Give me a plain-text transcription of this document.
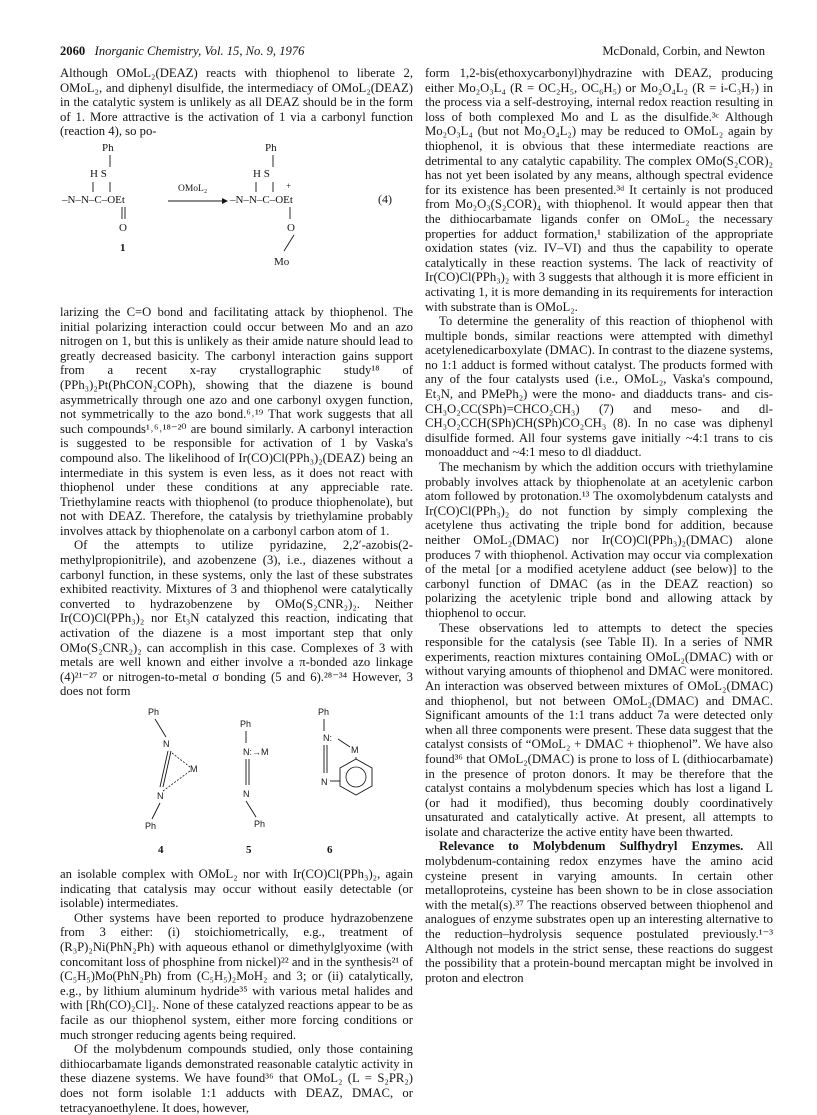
2060 Inorganic Chemistry, Vol. 15, No. 9, 1976	McDonald, Corbin, and Newton

Although OMoL₂(DEAZ) reacts with thiophenol to liberate 2, OMoL₂, and diphenyl disulfide, the intermediacy of OMoL₂(DEAZ) in the catalytic system is unlikely as all DEAZ should be in the form of 1. More attractive is the activation of 1 via a carbonyl function (reaction 4), so po-

Ph
H S
–N–N–C–OEt
O
1
OMoL₂
Ph
H S
+
–N–N–C–OEt
O
Mo
(4)

larizing the C=O bond and facilitating attack by thiophenol. The initial polarizing interaction could occur between Mo and an azo nitrogen on 1, but this is unlikely as their amide nature should lead to greatly decreased basicity. The carbonyl interaction gains support from a recent x-ray crystallographic study¹⁸ of (PPh₃)₂Pt(PhCON₂COPh), showing that the diazene is bound asymmetrically through one azo and one carbonyl oxygen function, not symmetrically to the azo bond.⁶˒¹⁹ That work suggests that all such compounds¹˒⁶˒¹⁸⁻²⁰ are bound similarly. A carbonyl interaction is suggested to be responsible for activation of 1 by Vaska's compound also. The likelihood of Ir(CO)Cl(PPh₃)₂(DEAZ) being an intermediate in this system is even less, as it does not react with thiophenol under these conditions at any appreciable rate. Triethylamine reacts with thiophenol (to produce thiophenolate), but not with DEAZ. Therefore, the catalysis by triethylamine probably involves attack by thiophenolate on a carbonyl carbon atom of 1.

Of the attempts to utilize pyridazine, 2,2′-azobis(2-methylpropionitrile), and azobenzene (3), i.e., diazenes without a carbonyl function, in these systems, only the last of these substrates exhibited reactivity. Mixtures of 3 and thiophenol were catalytically converted to hydrazobenzene by OMo(S₂CNR₂)₂. Neither Ir(CO)Cl(PPh₃)₂ nor Et₃N catalyzed this reaction, indicating that activation of the diazene is a most important step that only OMo(S₂CNR₂)₂ can accomplish in this case. Complexes of 3 with metals are well known and either involve a π-bonded azo linkage (4)²¹⁻²⁷ or nitrogen-to-metal σ bonding (5 and 6).²⁸⁻³⁴ However, 3 does not form

Ph
N
M
N
Ph
4
Ph
N:→M
N
Ph
5
Ph
N:
M
N
6

an isolable complex with OMoL₂ nor with Ir(CO)Cl(PPh₃)₂, again indicating that catalysis may occur without easily detectable (or isolable) intermediates.

Other systems have been reported to produce hydrazobenzene from 3 either: (i) stoichiometrically, e.g., treatment of (R₃P)₂Ni(PhN₂Ph) with aqueous ethanol or dimethylglyoxime (with concomitant loss of phosphine from nickel)²² and in the synthesis²¹ of (C₅H₅)Mo(PhN₂Ph) from (C₅H₅)₂MoH₂ and 3; or (ii) catalytically, e.g., by lithium aluminum hydride³⁵ with various metal halides and with [Rh(CO)₂Cl]₂. None of these catalyzed reactions appear to be as facile as our thiophenol system, either more forcing conditions or much stronger reducing agents being required.

Of the molybdenum compounds studied, only those containing dithiocarbamate ligands demonstrated reasonable catalytic activity in these diazene systems. We have found³⁶ that OMoL₂ (L = S₂PR₂) does not form isolable 1:1 adducts with DEAZ, DMAC, or tetracyanoethylene. It does, however,

form 1,2-bis(ethoxycarbonyl)hydrazine with DEAZ, producing either Mo₂O₃L₄ (R = OC₂H₅, OC₆H₅) or Mo₂O₄L₂ (R = i-C₃H₇) in the process via a self-destroying, internal redox reaction resulting in loss of both complexed Mo and L as the disulfide.³ᶜ Although Mo₂O₃L₄ (but not Mo₂O₄L₂) may be reduced to OMoL₂ again by thiophenol, it is obvious that these intermediate reactions are detrimental to any catalytic capability. The complex OMo(S₂COR)₂ has not yet been isolated by any means, although spectral evidence for its existence has been presented.³ᵈ It certainly is not produced from Mo₂O₃(S₂COR)₄ with thiophenol. It would appear then that the dithiocarbamate ligands confer on OMoL₂ the necessary properties for adduct formation,¹ stabilization of the appropriate oxidation states (viz. IV–VI) and thus the capability to operate catalytically in these reaction systems. The lack of reactivity of Ir(CO)Cl(PPh₃)₂ with 3 suggests that although it is more efficient in activating 1, it is more demanding in its requirements for interaction with substrate than is OMoL₂.

To determine the generality of this reaction of thiophenol with multiple bonds, similar reactions were attempted with dimethyl acetylenedicarboxylate (DMAC). In contrast to the diazene systems, no 1:1 adduct is formed without catalyst. The products formed with any of the four catalysts used (i.e., OMoL₂, Vaska's compound, Et₃N, and PMePh₂) were the mono- and diadducts trans- and cis-CH₃O₂CC(SPh)=CHCO₂CH₃) (7) and meso- and dl-CH₃O₂CCH(SPh)CH(SPh)CO₂CH₃ (8). In no case was diphenyl disulfide formed. All four systems gave initially ~4:1 trans to cis monoadduct and ~4:1 meso to dl diadduct.

The mechanism by which the addition occurs with triethylamine probably involves attack by thiophenolate at an acetylenic carbon atom followed by protonation.¹³ The oxomolybdenum catalysts and Ir(CO)Cl(PPh₃)₂ do not function by simply complexing the acetylene thus activating the triple bond for addition, because neither OMoL₂(DMAC) nor Ir(CO)Cl(PPh₃)₂(DMAC) alone produces 7 with thiophenol. Activation may occur via complexation of the metal [or a modified acetylene adduct (see below)] to the carbonyl function of DMAC (as in the DEAZ reaction) so polarizing the acetylenic triple bond and allowing attack by thiophenol to occur.

These observations led to attempts to detect the species responsible for the catalysis (see Table II). In a series of NMR experiments, reaction mixtures containing OMoL₂(DMAC) with or without varying amounts of thiophenol and DMAC were monitored. An interaction was observed between mixtures of OMoL₂(DMAC) and thiophenol, but not between OMoL₂(DMAC) and DMAC. Significant amounts of the 1:1 trans adduct 7a were detected only when all three components were present. These data suggest that the catalyst consists of “OMoL₂ + DMAC + thiophenol”. We have also found³⁶ that OMoL₂(DMAC) is prone to loss of L (dithiocarbamate) in the presence of proton donors. It may be therefore that the catalyst contains a molybdenum species which has lost a ligand L (or had it modified), thus becoming doubly coordinatively unsaturated and catalytically active. At present, all attempts to isolate and characterize the active entity have been thwarted.

Relevance to Molybdenum Sulfhydryl Enzymes. All molybdenum-containing redox enzymes have the amino acid cysteine present in varying amounts. In certain other metalloproteins, cysteine has been shown to be in close association with the metal(s).³⁷ The reactions observed between thiophenol and analogues of enzyme substrates open up an interesting alternative to the reduction–hydrolysis sequence postulated previously.¹⁻³ Although not models in the strict sense, these reactions do suggest the possibility that a protein-bound mercaptan might be involved in proton and electron
